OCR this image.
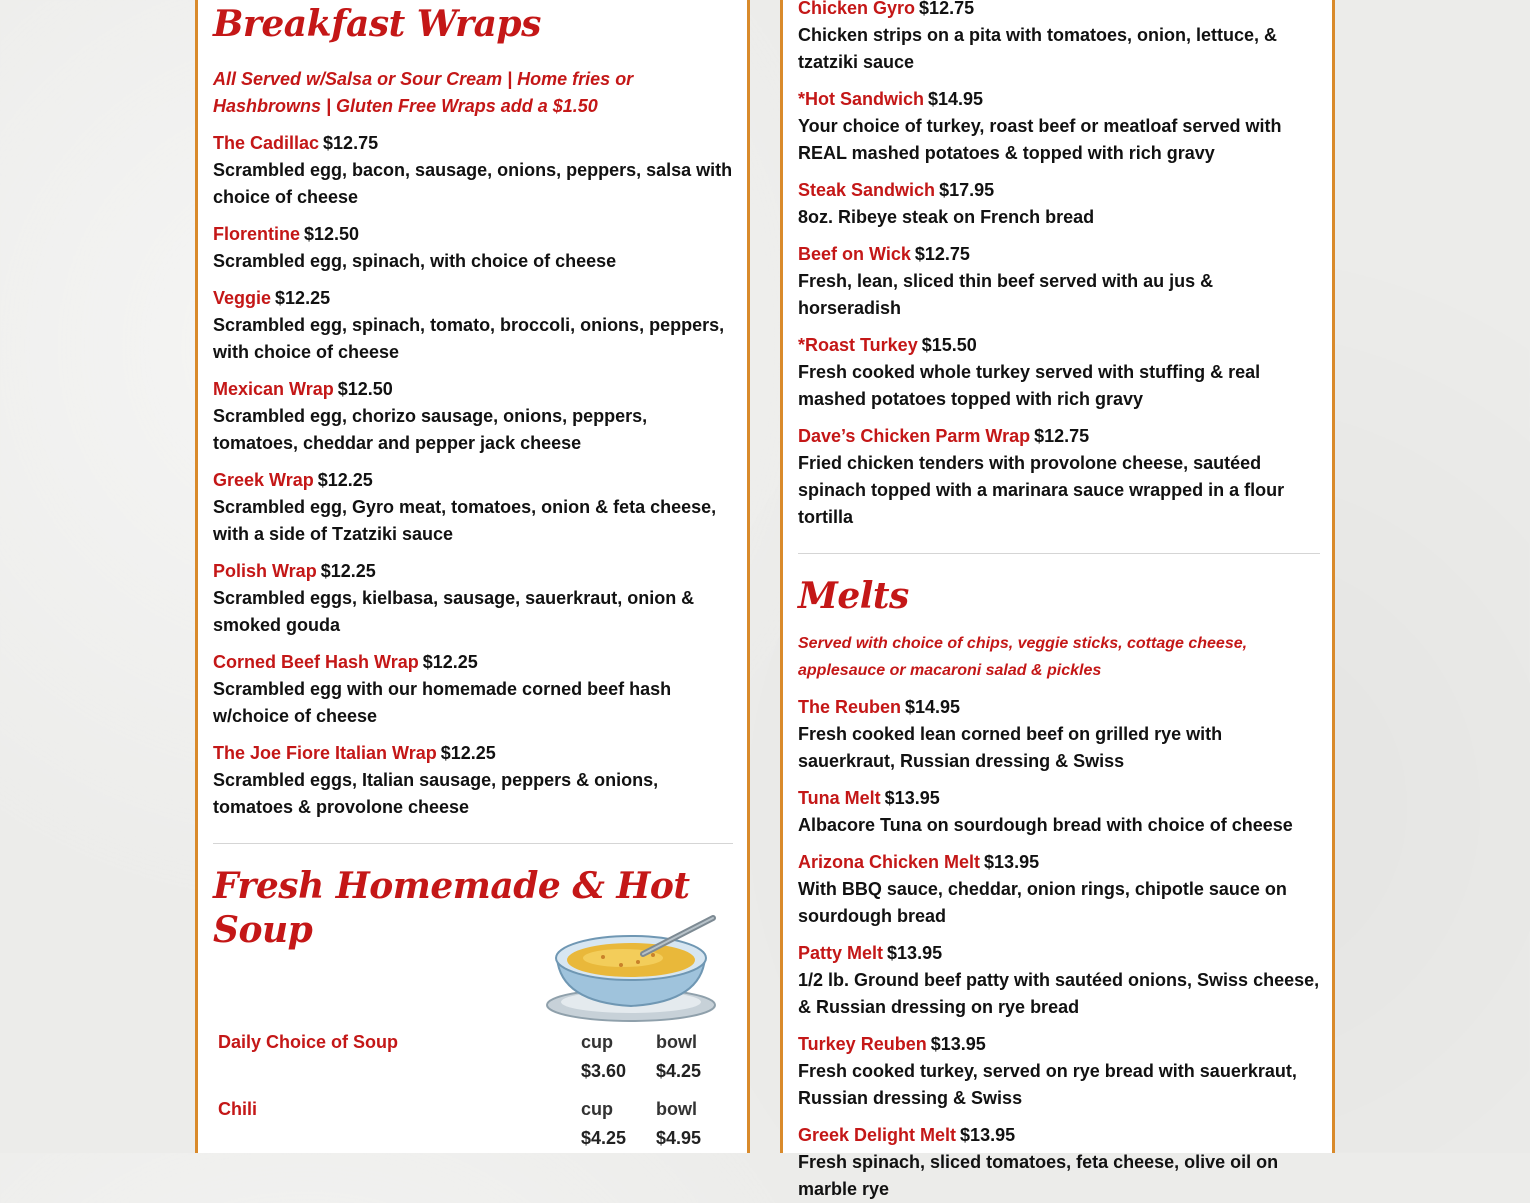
Breakfast Wraps

All Served w/Salsa or Sour Cream | Home fries or Hashbrowns | Gluten Free Wraps add a $1.50

The Cadillac $12.75
Scrambled egg, bacon, sausage, onions, peppers, salsa with choice of cheese
Florentine $12.50
Scrambled egg, spinach, with choice of cheese
Veggie $12.25
Scrambled egg, spinach, tomato, broccoli, onions, peppers, with choice of cheese
Mexican Wrap $12.50
Scrambled egg, chorizo sausage, onions, peppers, tomatoes, cheddar and pepper jack cheese
Greek Wrap $12.25
Scrambled egg, Gyro meat, tomatoes, onion & feta cheese, with a side of Tzatziki sauce
Polish Wrap $12.25
Scrambled eggs, kielbasa, sausage, sauerkraut, onion & smoked gouda
Corned Beef Hash Wrap $12.25
Scrambled egg with our homemade corned beef hash w/choice of cheese
The Joe Fiore Italian Wrap $12.25
Scrambled eggs, Italian sausage, peppers & onions, tomatoes & provolone cheese
Fresh Homemade & Hot Soup
Daily Choice of Soup	cup
$3.60
bowl
$4.25
Chili	cup
$4.25
bowl
$4.95
Chicken Gyro $12.75
Chicken strips on a pita with tomatoes, onion, lettuce, & tzatziki sauce
*Hot Sandwich $14.95
Your choice of turkey, roast beef or meatloaf served with REAL mashed potatoes & topped with rich gravy
Steak Sandwich $17.95
8oz. Ribeye steak on French bread
Beef on Wick $12.75
Fresh, lean, sliced thin beef served with au jus & horseradish
*Roast Turkey $15.50
Fresh cooked whole turkey served with stuffing & real mashed potatoes topped with rich gravy
Dave’s Chicken Parm Wrap $12.75
Fried chicken tenders with provolone cheese, sautéed spinach topped with a marinara sauce wrapped in a flour tortilla
Melts

Served with choice of chips, veggie sticks, cottage cheese, applesauce or macaroni salad & pickles

The Reuben $14.95
Fresh cooked lean corned beef on grilled rye with sauerkraut, Russian dressing & Swiss
Tuna Melt $13.95
Albacore Tuna on sourdough bread with choice of cheese
Arizona Chicken Melt $13.95
With BBQ sauce, cheddar, onion rings, chipotle sauce on sourdough bread
Patty Melt $13.95
1/2 lb. Ground beef patty with sautéed onions, Swiss cheese, & Russian dressing on rye bread
Turkey Reuben $13.95
Fresh cooked turkey, served on rye bread with sauerkraut, Russian dressing & Swiss
Greek Delight Melt $13.95
Fresh spinach, sliced tomatoes, feta cheese, olive oil on marble rye
